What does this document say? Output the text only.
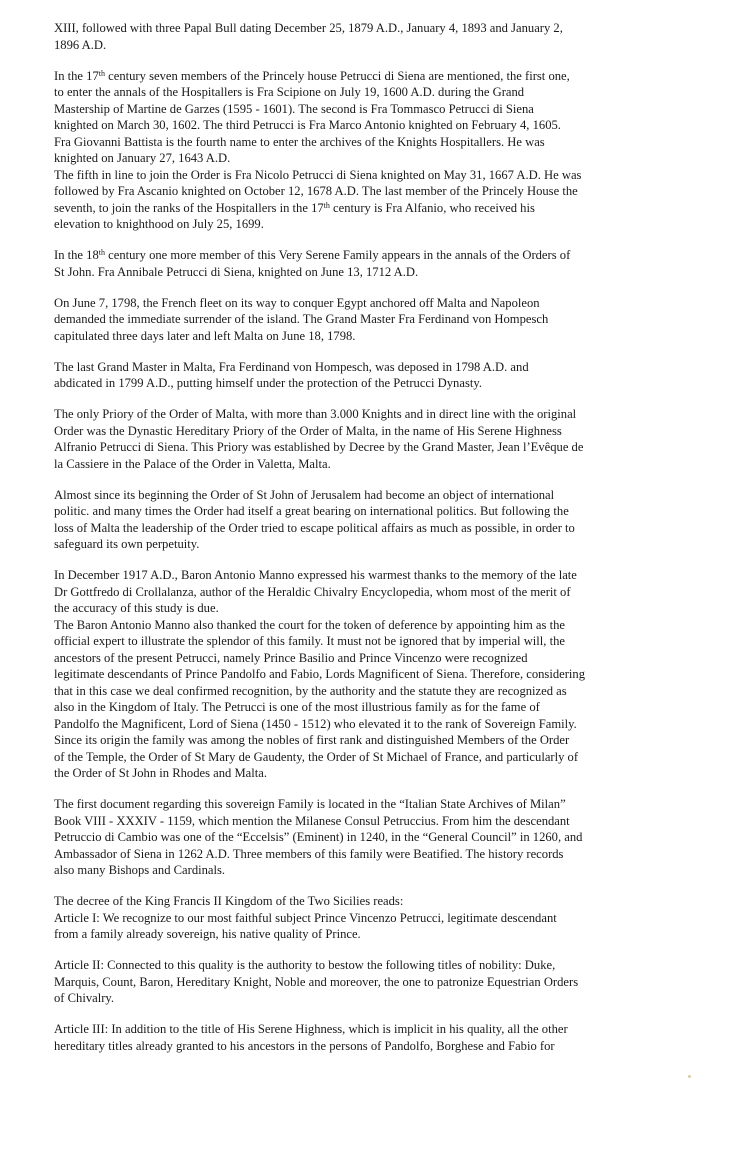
XIII, followed with three Papal Bull dating December 25, 1879 A.D., January 4, 1893 and January 2,
1896 A.D.

In the 17th century seven members of the Princely house Petrucci di Siena are mentioned, the first one,
to enter the annals of the Hospitallers is Fra Scipione on July 19, 1600 A.D. during the Grand
Mastership of Martine de Garzes (1595 - 1601). The second is Fra Tommasco Petrucci di Siena
knighted on March 30, 1602. The third Petrucci is Fra Marco Antonio knighted on February 4, 1605.
Fra Giovanni Battista is the fourth name to enter the archives of the Knights Hospitallers. He was
knighted on January 27, 1643 A.D.

The fifth in line to join the Order is Fra Nicolo Petrucci di Siena knighted on May 31, 1667 A.D. He was
followed by Fra Ascanio knighted on October 12, 1678 A.D. The last member of the Princely House the
seventh, to join the ranks of the Hospitallers in the 17th century is Fra Alfanio, who received his
elevation to knighthood on July 25, 1699.

In the 18th century one more member of this Very Serene Family appears in the annals of the Orders of
St John. Fra Annibale Petrucci di Siena, knighted on June 13, 1712 A.D.

On June 7, 1798, the French fleet on its way to conquer Egypt anchored off Malta and Napoleon
demanded the immediate surrender of the island. The Grand Master Fra Ferdinand von Hompesch
capitulated three days later and left Malta on June 18, 1798.

The last Grand Master in Malta, Fra Ferdinand von Hompesch, was deposed in 1798 A.D. and
abdicated in 1799 A.D., putting himself under the protection of the Petrucci Dynasty.

The only Priory of the Order of Malta, with more than 3.000 Knights and in direct line with the original
Order was the Dynastic Hereditary Priory of the Order of Malta, in the name of His Serene Highness
Alfranio Petrucci di Siena. This Priory was established by Decree by the Grand Master, Jean l’Evêque de
la Cassiere in the Palace of the Order in Valetta, Malta.

Almost since its beginning the Order of St John of Jerusalem had become an object of international
politic. and many times the Order had itself a great bearing on international politics. But following the
loss of Malta the leadership of the Order tried to escape political affairs as much as possible, in order to
safeguard its own perpetuity.

In December 1917 A.D., Baron Antonio Manno expressed his warmest thanks to the memory of the late
Dr Gottfredo di Crollalanza, author of the Heraldic Chivalry Encyclopedia, whom most of the merit of
the accuracy of this study is due.

The Baron Antonio Manno also thanked the court for the token of deference by appointing him as the
official expert to illustrate the splendor of this family. It must not be ignored that by imperial will, the
ancestors of the present Petrucci, namely Prince Basilio and Prince Vincenzo were recognized
legitimate descendants of Prince Pandolfo and Fabio, Lords Magnificent of Siena. Therefore, considering
that in this case we deal confirmed recognition, by the authority and the statute they are recognized as
also in the Kingdom of Italy. The Petrucci is one of the most illustrious family as for the fame of
Pandolfo the Magnificent, Lord of Siena (1450 - 1512) who elevated it to the rank of Sovereign Family.
Since its origin the family was among the nobles of first rank and distinguished Members of the Order
of the Temple, the Order of St Mary de Gaudenty, the Order of St Michael of France, and particularly of
the Order of St John in Rhodes and Malta.

The first document regarding this sovereign Family is located in the “Italian State Archives of Milan”
Book VIII - XXXIV - 1159, which mention the Milanese Consul Petruccius. From him the descendant
Petruccio di Cambio was one of the “Eccelsis” (Eminent) in 1240, in the “General Council” in 1260, and
Ambassador of Siena in 1262 A.D. Three members of this family were Beatified. The history records
also many Bishops and Cardinals.

The decree of the King Francis II Kingdom of the Two Sicilies reads:
Article I: We recognize to our most faithful subject Prince Vincenzo Petrucci, legitimate descendant
from a family already sovereign, his native quality of Prince.

Article II: Connected to this quality is the authority to bestow the following titles of nobility: Duke,
Marquis, Count, Baron, Hereditary Knight, Noble and moreover, the one to patronize Equestrian Orders
of Chivalry.

Article III: In addition to the title of His Serene Highness, which is implicit in his quality, all the other
hereditary titles already granted to his ancestors in the persons of Pandolfo, Borghese and Fabio for
